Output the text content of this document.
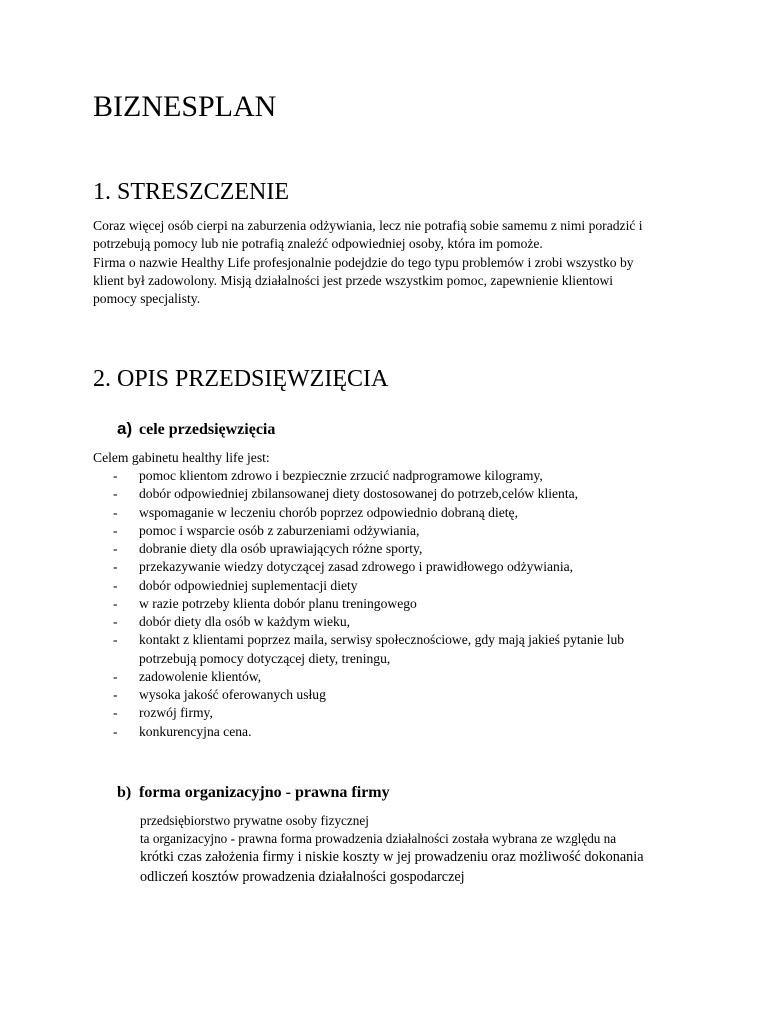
BIZNESPLAN
1. STRESZCZENIE
Coraz więcej osób cierpi na zaburzenia odżywiania, lecz nie potrafią sobie samemu z nimi poradzić i
potrzebują pomocy lub nie potrafią znaleźć odpowiedniej osoby, która im pomoże.
Firma o nazwie Healthy Life profesjonalnie podejdzie do tego typu problemów i zrobi wszystko by
klient był zadowolony. Misją działalności jest przede wszystkim pomoc, zapewnienie klientowi
pomocy specjalisty.
2. OPIS PRZEDSIĘWZIĘCIA
a) cele przedsięwzięcia
Celem gabinetu healthy life jest:
- pomoc klientom zdrowo i bezpiecznie zrzucić nadprogramowe kilogramy,
- dobór odpowiedniej zbilansowanej diety dostosowanej do potrzeb,celów klienta,
- wspomaganie w leczeniu chorób poprzez odpowiednio dobraną dietę,
- pomoc i wsparcie osób z zaburzeniami odżywiania,
- dobranie diety dla osób uprawiających różne sporty,
- przekazywanie wiedzy dotyczącej zasad zdrowego i prawidłowego odżywiania,
- dobór odpowiedniej suplementacji diety
- w razie potrzeby klienta dobór planu treningowego
- dobór diety dla osób w każdym wieku,
- kontakt z klientami poprzez maila, serwisy społecznościowe, gdy mają jakieś pytanie lub
potrzebują pomocy dotyczącej diety, treningu,
- zadowolenie klientów,
- wysoka jakość oferowanych usług
- rozwój firmy,
- konkurencyjna cena.
b) forma organizacyjno - prawna firmy
przedsiębiorstwo prywatne osoby fizycznej
ta organizacyjno - prawna forma prowadzenia działalności została wybrana ze względu na
krótki czas założenia firmy i niskie koszty w jej prowadzeniu oraz możliwość dokonania
odliczeń kosztów prowadzenia działalności gospodarczej
